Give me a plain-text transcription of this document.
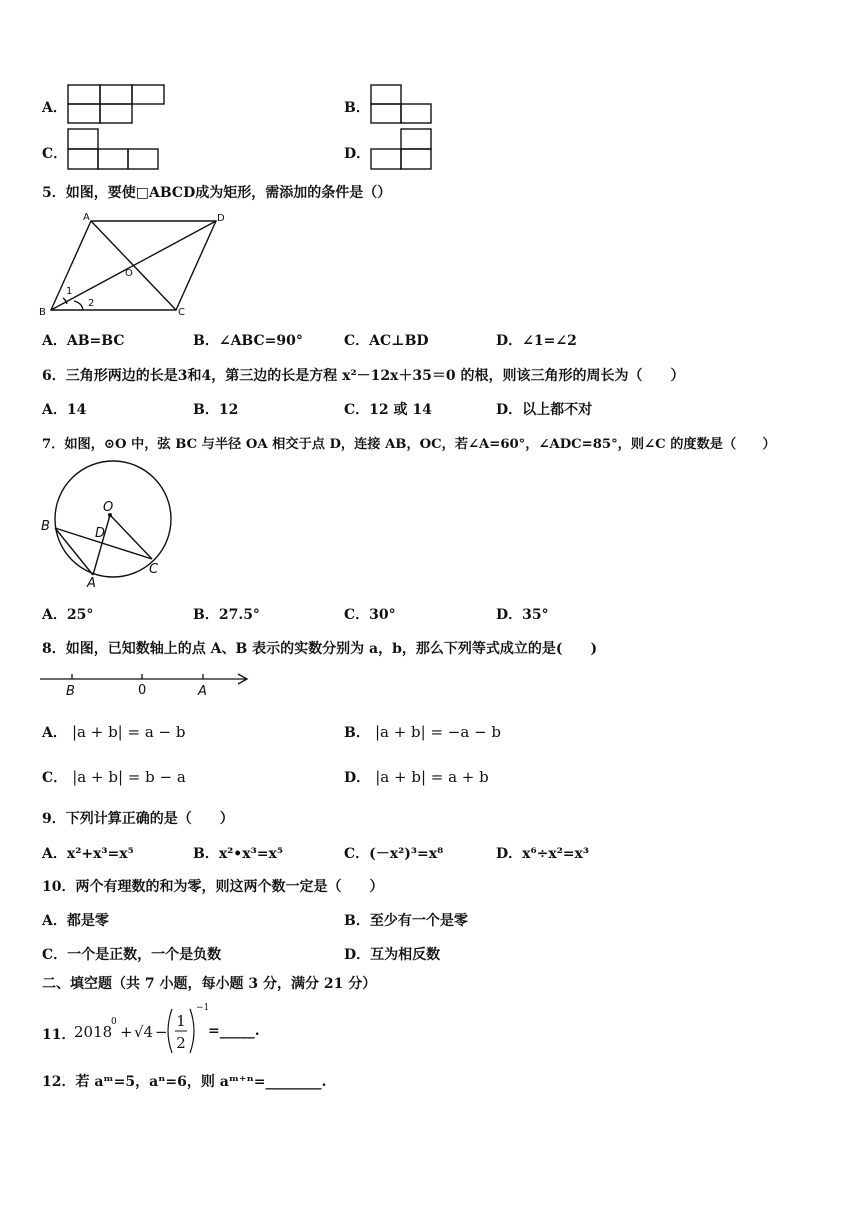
A．	B．
C．	D．
5．如图，要使□ABCD成为矩形，需添加的条件是（）
A	D
B	C
O
1
2
A．AB=BC	B．∠ABC=90°	C．AC⊥BD	D．∠1=∠2
6．三角形两边的长是3和4，第三边的长是方程 x²－12x＋35＝0 的根，则该三角形的周长为（　　）
A．14	B．12	C．12 或 14	D．以上都不对
7．如图，⊙O 中，弦 BC 与半径 OA 相交于点 D，连接 AB，OC，若∠A=60°，∠ADC=85°，则∠C 的度数是（　　）
O
B	D
A
C
A．25°	B．27.5°	C．30°	D．35°
8．如图，已知数轴上的点 A、B 表示的实数分别为 a，b，那么下列等式成立的是(　　)
B	0	A
A． |a + b| = a − b	B． |a + b| = −a − b
C． |a + b| = b − a	D． |a + b| = a + b
9．下列计算正确的是（　　）
A．x²+x³=x⁵	B．x²•x³=x⁵	C．(－x²)³=x⁸	D．x⁶÷x²=x³
10．两个有理数的和为零，则这两个数一定是（　　）
A．都是零	B．至少有一个是零
C．一个是正数，一个是负数	D．互为相反数
二、填空题（共 7 小题，每小题 3 分，满分 21 分）
11．
2018
0
+ √4 −
1
2
−1
=_____.
12．若 aᵐ=5，aⁿ=6，则 aᵐ⁺ⁿ=________.
